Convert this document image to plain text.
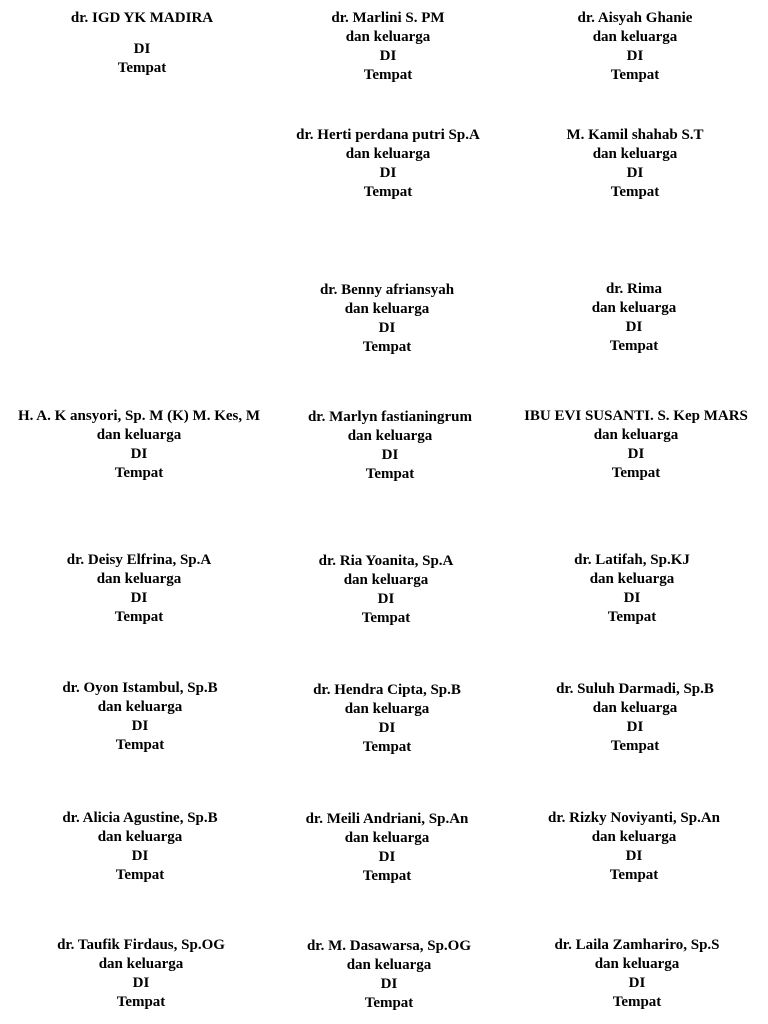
dr. IGD YK MADIRA
DI
Tempat
dr. Marlini S. PM
dan keluarga
DI
Tempat
dr. Aisyah Ghanie
dan keluarga
DI
Tempat
dr. Herti perdana putri Sp.A
dan keluarga
DI
Tempat
M. Kamil shahab S.T
dan keluarga
DI
Tempat
dr. Benny afriansyah
dan keluarga
DI
Tempat
dr. Rima
dan keluarga
DI
Tempat
H. A. K ansyori, Sp. M (K) M. Kes, M
dan keluarga
DI
Tempat
dr. Marlyn fastianingrum
dan keluarga
DI
Tempat
IBU EVI SUSANTI. S. Kep MARS
dan keluarga
DI
Tempat
dr. Deisy Elfrina, Sp.A
dan keluarga
DI
Tempat
dr. Ria Yoanita, Sp.A
dan keluarga
DI
Tempat
dr. Latifah, Sp.KJ
dan keluarga
DI
Tempat
dr. Oyon Istambul, Sp.B
dan keluarga
DI
Tempat
dr. Hendra Cipta, Sp.B
dan keluarga
DI
Tempat
dr. Suluh Darmadi, Sp.B
dan keluarga
DI
Tempat
dr. Alicia Agustine, Sp.B
dan keluarga
DI
Tempat
dr. Meili Andriani, Sp.An
dan keluarga
DI
Tempat
dr. Rizky Noviyanti, Sp.An
dan keluarga
DI
Tempat
dr. Taufik Firdaus, Sp.OG
dan keluarga
DI
Tempat
dr. M. Dasawarsa, Sp.OG
dan keluarga
DI
Tempat
dr. Laila Zamhariro, Sp.S
dan keluarga
DI
Tempat
